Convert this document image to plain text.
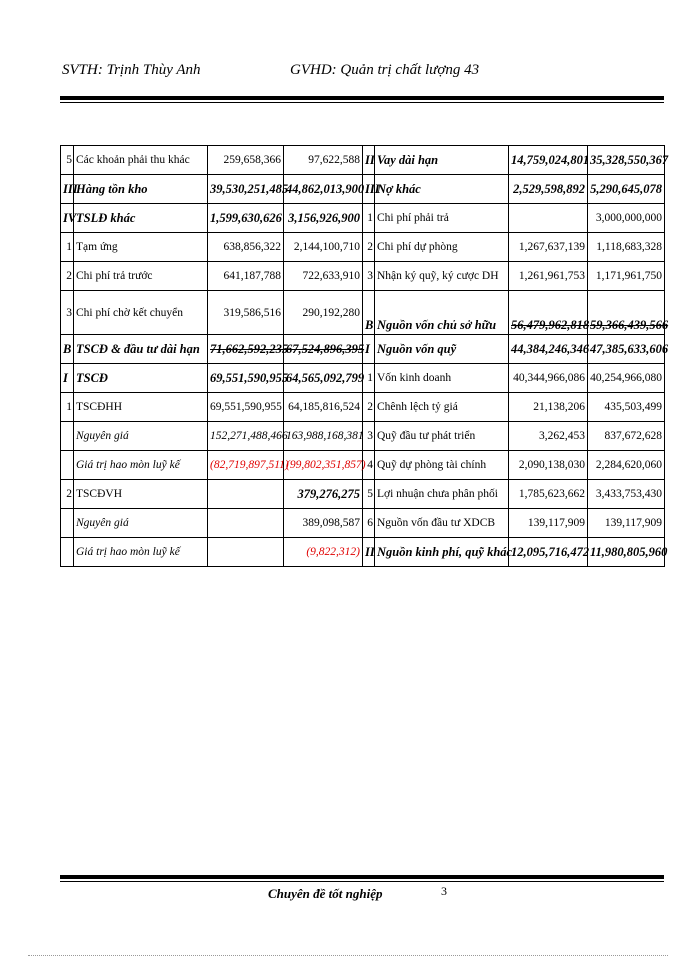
SVTH: Trịnh Thùy Anh	GVHD: Quản trị chất lượng 43
5	Các khoản phải thu khác	259,658,366	97,622,588	II	Vay dài hạn	14,759,024,801	35,328,550,367
III	Hàng tồn kho	39,530,251,485	44,862,013,900	III	Nợ khác	2,529,598,892	5,290,645,078
IV	TSLĐ khác	1,599,630,626	3,156,926,900	1	Chi phí phải trả		3,000,000,000
1	Tạm ứng	638,856,322	2,144,100,710	2	Chi phí dự phòng	1,267,637,139	1,118,683,328
2	Chi phí trả trước	641,187,788	722,633,910	3	Nhận ký quỹ, ký cược DH	1,261,961,753	1,171,961,750
3	Chi phí chờ kết chuyển	319,586,516	290,192,280	B	Nguồn vốn chủ sở hữu	56,479,962,818	59,366,439,566
B	TSCĐ & đầu tư dài hạn	71,662,592,235	67,524,896,395	I	Nguồn vốn quỹ	44,384,246,346	47,385,633,606
I	TSCĐ	69,551,590,955	64,565,092,799	1	Vốn kinh doanh	40,344,966,086	40,254,966,080
1	TSCĐHH	69,551,590,955	64,185,816,524	2	Chênh lệch tỷ giá	21,138,206	435,503,499
	Nguyên giá	152,271,488,466	163,988,168,381	3	Quỹ đầu tư phát triển	3,262,453	837,672,628
	Giá trị hao mòn luỹ kế	(82,719,897,511)	(99,802,351,857)	4	Quỹ dự phòng tài chính	2,090,138,030	2,284,620,060
2	TSCĐVH		379,276,275	5	Lợi nhuận chưa phân phối	1,785,623,662	3,433,753,430
	Nguyên giá		389,098,587	6	Nguồn vốn đầu tư XDCB	139,117,909	139,117,909
	Giá trị hao mòn luỹ kế		(9,822,312)	II	Nguồn kinh phí, quỹ khác	12,095,716,472	11,980,805,960
Chuyên đề tốt nghiệp	3
